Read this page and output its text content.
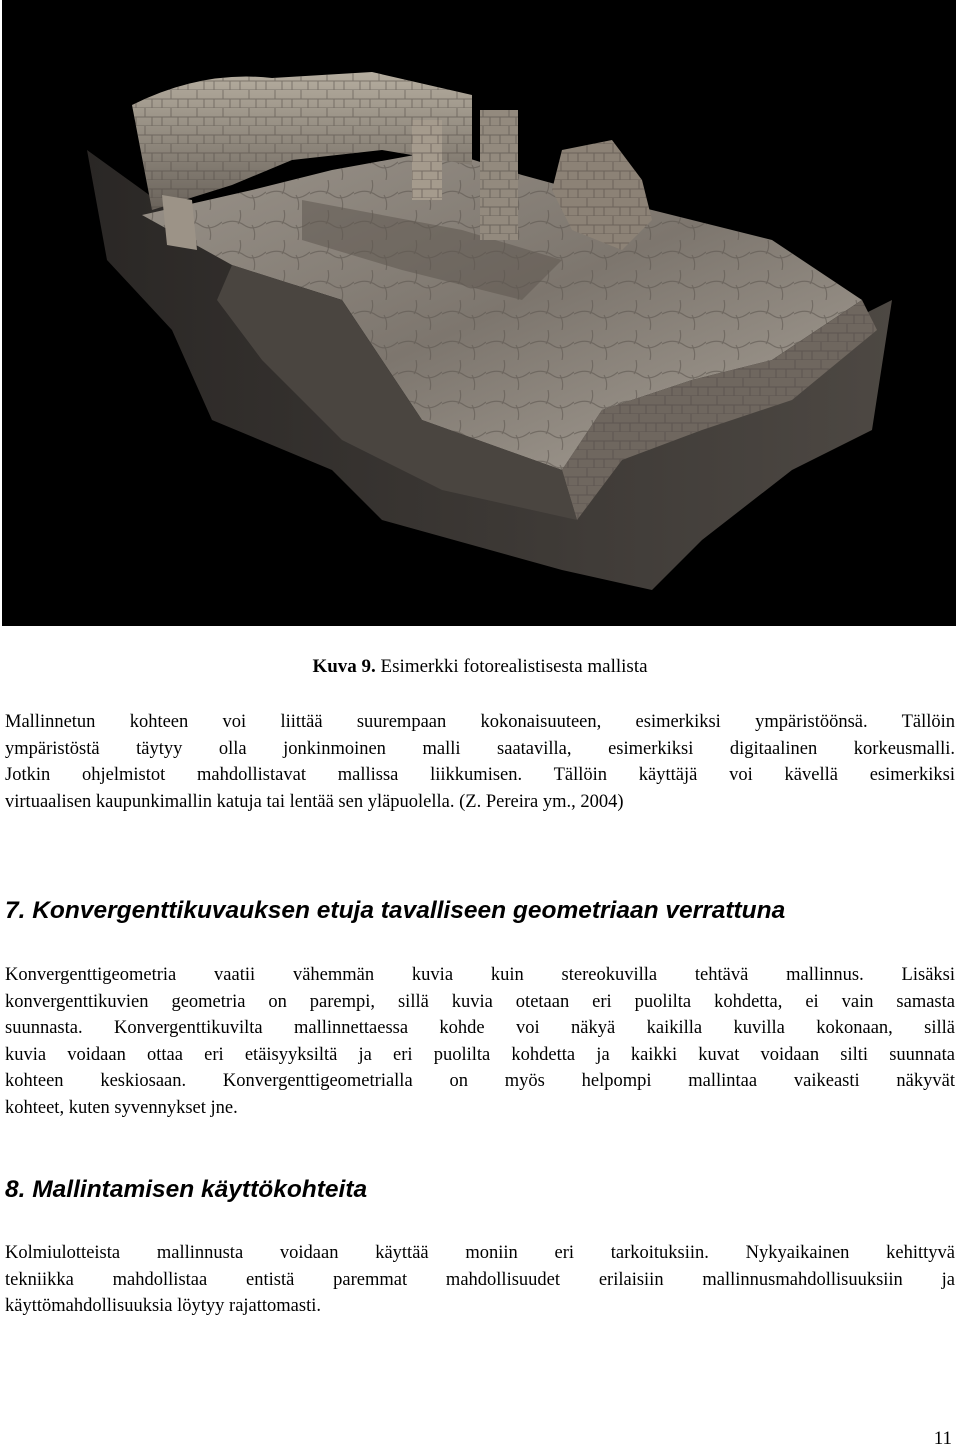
Kuva 9. Esimerkki fotorealistisesta mallista
Mallinnetun kohteen voi liittää suurempaan kokonaisuuteen, esimerkiksi ympäristöönsä. Tällöin
ympäristöstä täytyy olla jonkinmoinen malli saatavilla, esimerkiksi digitaalinen korkeusmalli.
Jotkin ohjelmistot mahdollistavat mallissa liikkumisen. Tällöin käyttäjä voi kävellä esimerkiksi
virtuaalisen kaupunkimallin katuja tai lentää sen yläpuolella. (Z. Pereira ym., 2004)
7. Konvergenttikuvauksen etuja tavalliseen geometriaan verrattuna
Konvergenttigeometria vaatii vähemmän kuvia kuin stereokuvilla tehtävä mallinnus. Lisäksi
konvergenttikuvien geometria on parempi, sillä kuvia otetaan eri puolilta kohdetta, ei vain samasta
suunnasta. Konvergenttikuvilta mallinnettaessa kohde voi näkyä kaikilla kuvilla kokonaan, sillä
kuvia voidaan ottaa eri etäisyyksiltä ja eri puolilta kohdetta ja kaikki kuvat voidaan silti suunnata
kohteen keskiosaan. Konvergenttigeometrialla on myös helpompi mallintaa vaikeasti näkyvät
kohteet, kuten syvennykset jne.
8. Mallintamisen käyttökohteita
Kolmiulotteista mallinnusta voidaan käyttää moniin eri tarkoituksiin. Nykyaikainen kehittyvä
tekniikka mahdollistaa entistä paremmat mahdollisuudet erilaisiin mallinnusmahdollisuuksiin ja
käyttömahdollisuuksia löytyy rajattomasti.
11
